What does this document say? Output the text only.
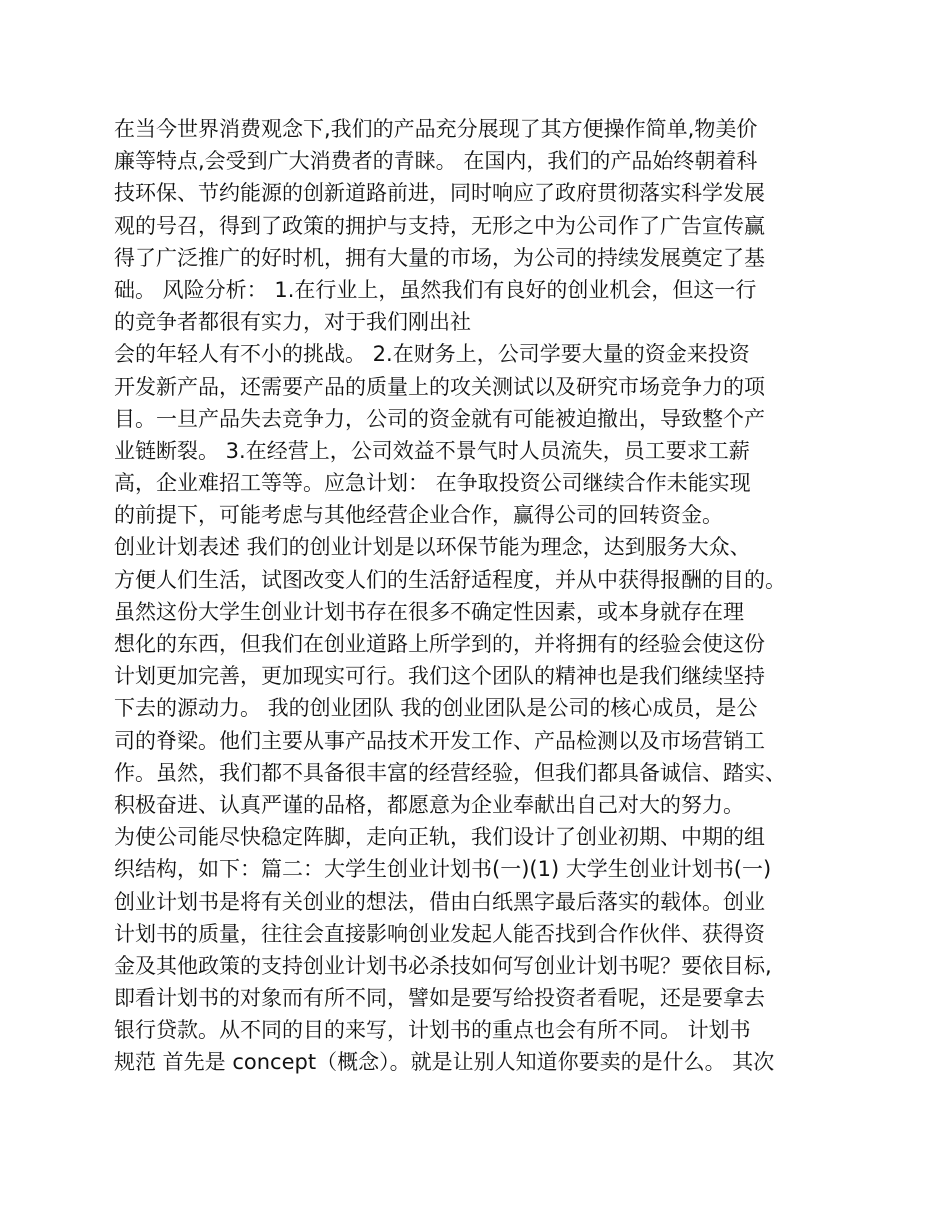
在当今世界消费观念下,我们的产品充分展现了其方便操作简单,物美价
廉等特点,会受到广大消费者的青睐。 在国内，我们的产品始终朝着科
技环保、节约能源的创新道路前进，同时响应了政府贯彻落实科学发展
观的号召，得到了政策的拥护与支持，无形之中为公司作了广告宣传赢
得了广泛推广的好时机，拥有大量的市场，为公司的持续发展奠定了基
础。 风险分析： 1.在行业上，虽然我们有良好的创业机会，但这一行
的竞争者都很有实力，对于我们刚出社
会的年轻人有不小的挑战。 2.在财务上，公司学要大量的资金来投资
开发新产品，还需要产品的质量上的攻关测试以及研究市场竞争力的项
目。一旦产品失去竞争力，公司的资金就有可能被迫撤出，导致整个产
业链断裂。 3.在经营上，公司效益不景气时人员流失，员工要求工薪
高，企业难招工等等。应急计划： 在争取投资公司继续合作未能实现
的前提下，可能考虑与其他经营企业合作，赢得公司的回转资金。
创业计划表述 我们的创业计划是以环保节能为理念，达到服务大众、
方便人们生活，试图改变人们的生活舒适程度，并从中获得报酬的目的。
虽然这份大学生创业计划书存在很多不确定性因素，或本身就存在理
想化的东西，但我们在创业道路上所学到的，并将拥有的经验会使这份
计划更加完善，更加现实可行。我们这个团队的精神也是我们继续坚持
下去的源动力。 我的创业团队 我的创业团队是公司的核心成员，是公
司的脊梁。他们主要从事产品技术开发工作、产品检测以及市场营销工
作。虽然，我们都不具备很丰富的经营经验，但我们都具备诚信、踏实、
积极奋进、认真严谨的品格，都愿意为企业奉献出自己对大的努力。
为使公司能尽快稳定阵脚，走向正轨，我们设计了创业初期、中期的组
织结构，如下：篇二：大学生创业计划书(一)(1) 大学生创业计划书(一)
创业计划书是将有关创业的想法，借由白纸黑字最后落实的载体。创业
计划书的质量，往往会直接影响创业发起人能否找到合作伙伴、获得资
金及其他政策的支持创业计划书必杀技如何写创业计划书呢？要依目标,
即看计划书的对象而有所不同，譬如是要写给投资者看呢，还是要拿去
银行贷款。从不同的目的来写，计划书的重点也会有所不同。 计划书
规范 首先是 concept（概念）。就是让别人知道你要卖的是什么。 其次
